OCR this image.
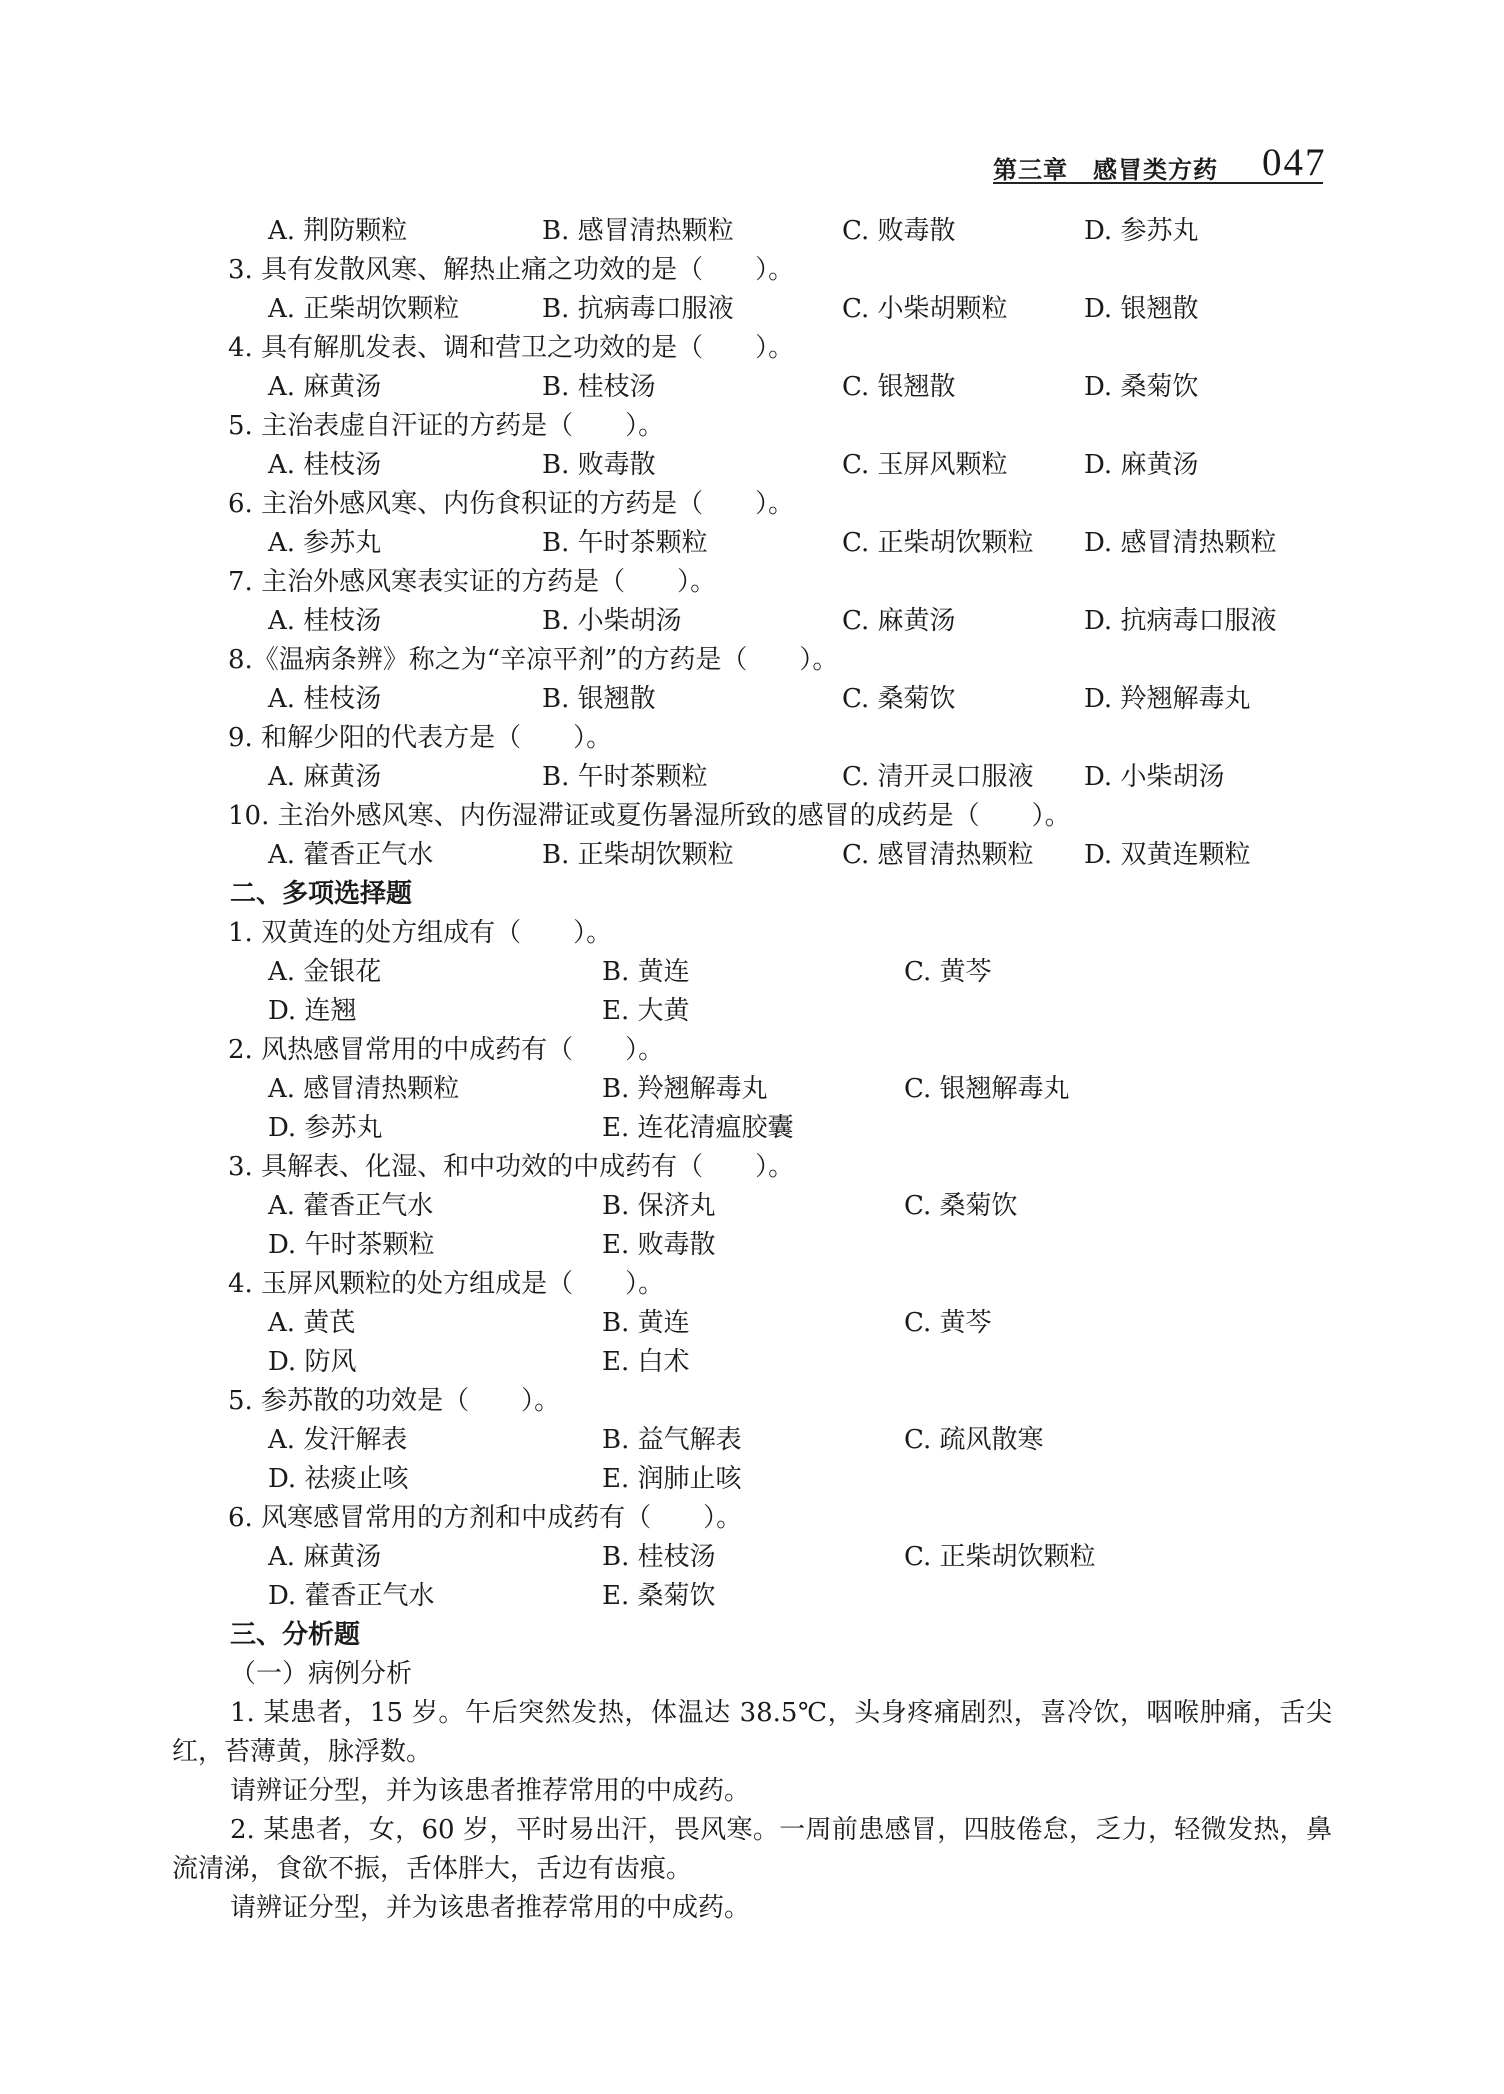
第三章　感冒类方药 047
A. 荆防颗粒	B. 感冒清热颗粒	C. 败毒散	D. 参苏丸
3. 具有发散风寒、解热止痛之功效的是（　　）。
A. 正柴胡饮颗粒	B. 抗病毒口服液	C. 小柴胡颗粒	D. 银翘散
4. 具有解肌发表、调和营卫之功效的是（　　）。
A. 麻黄汤	B. 桂枝汤	C. 银翘散	D. 桑菊饮
5. 主治表虚自汗证的方药是（　　）。
A. 桂枝汤	B. 败毒散	C. 玉屏风颗粒	D. 麻黄汤
6. 主治外感风寒、内伤食积证的方药是（　　）。
A. 参苏丸	B. 午时茶颗粒	C. 正柴胡饮颗粒	D. 感冒清热颗粒
7. 主治外感风寒表实证的方药是（　　）。
A. 桂枝汤	B. 小柴胡汤	C. 麻黄汤	D. 抗病毒口服液
8.《温病条辨》称之为“辛凉平剂”的方药是（　　）。
A. 桂枝汤	B. 银翘散	C. 桑菊饮	D. 羚翘解毒丸
9. 和解少阳的代表方是（　　）。
A. 麻黄汤	B. 午时茶颗粒	C. 清开灵口服液	D. 小柴胡汤
10. 主治外感风寒、内伤湿滞证或夏伤暑湿所致的感冒的成药是（　　）。
A. 藿香正气水	B. 正柴胡饮颗粒	C. 感冒清热颗粒	D. 双黄连颗粒
二、多项选择题
1. 双黄连的处方组成有（　　）。
A. 金银花	B. 黄连	C. 黄芩
D. 连翘	E. 大黄
2. 风热感冒常用的中成药有（　　）。
A. 感冒清热颗粒	B. 羚翘解毒丸	C. 银翘解毒丸
D. 参苏丸	E. 连花清瘟胶囊
3. 具解表、化湿、和中功效的中成药有（　　）。
A. 藿香正气水	B. 保济丸	C. 桑菊饮
D. 午时茶颗粒	E. 败毒散
4. 玉屏风颗粒的处方组成是（　　）。
A. 黄芪	B. 黄连	C. 黄芩
D. 防风	E. 白术
5. 参苏散的功效是（　　）。
A. 发汗解表	B. 益气解表	C. 疏风散寒
D. 祛痰止咳	E. 润肺止咳
6. 风寒感冒常用的方剂和中成药有（　　）。
A. 麻黄汤	B. 桂枝汤	C. 正柴胡饮颗粒
D. 藿香正气水	E. 桑菊饮
三、分析题
（一）病例分析
1. 某患者，15 岁。午后突然发热，体温达 38.5℃，头身疼痛剧烈，喜冷饮，咽喉肿痛，舌尖红，苔薄黄，脉浮数。
请辨证分型，并为该患者推荐常用的中成药。
2. 某患者，女，60 岁，平时易出汗，畏风寒。一周前患感冒，四肢倦怠，乏力，轻微发热，鼻流清涕，食欲不振，舌体胖大，舌边有齿痕。
请辨证分型，并为该患者推荐常用的中成药。
